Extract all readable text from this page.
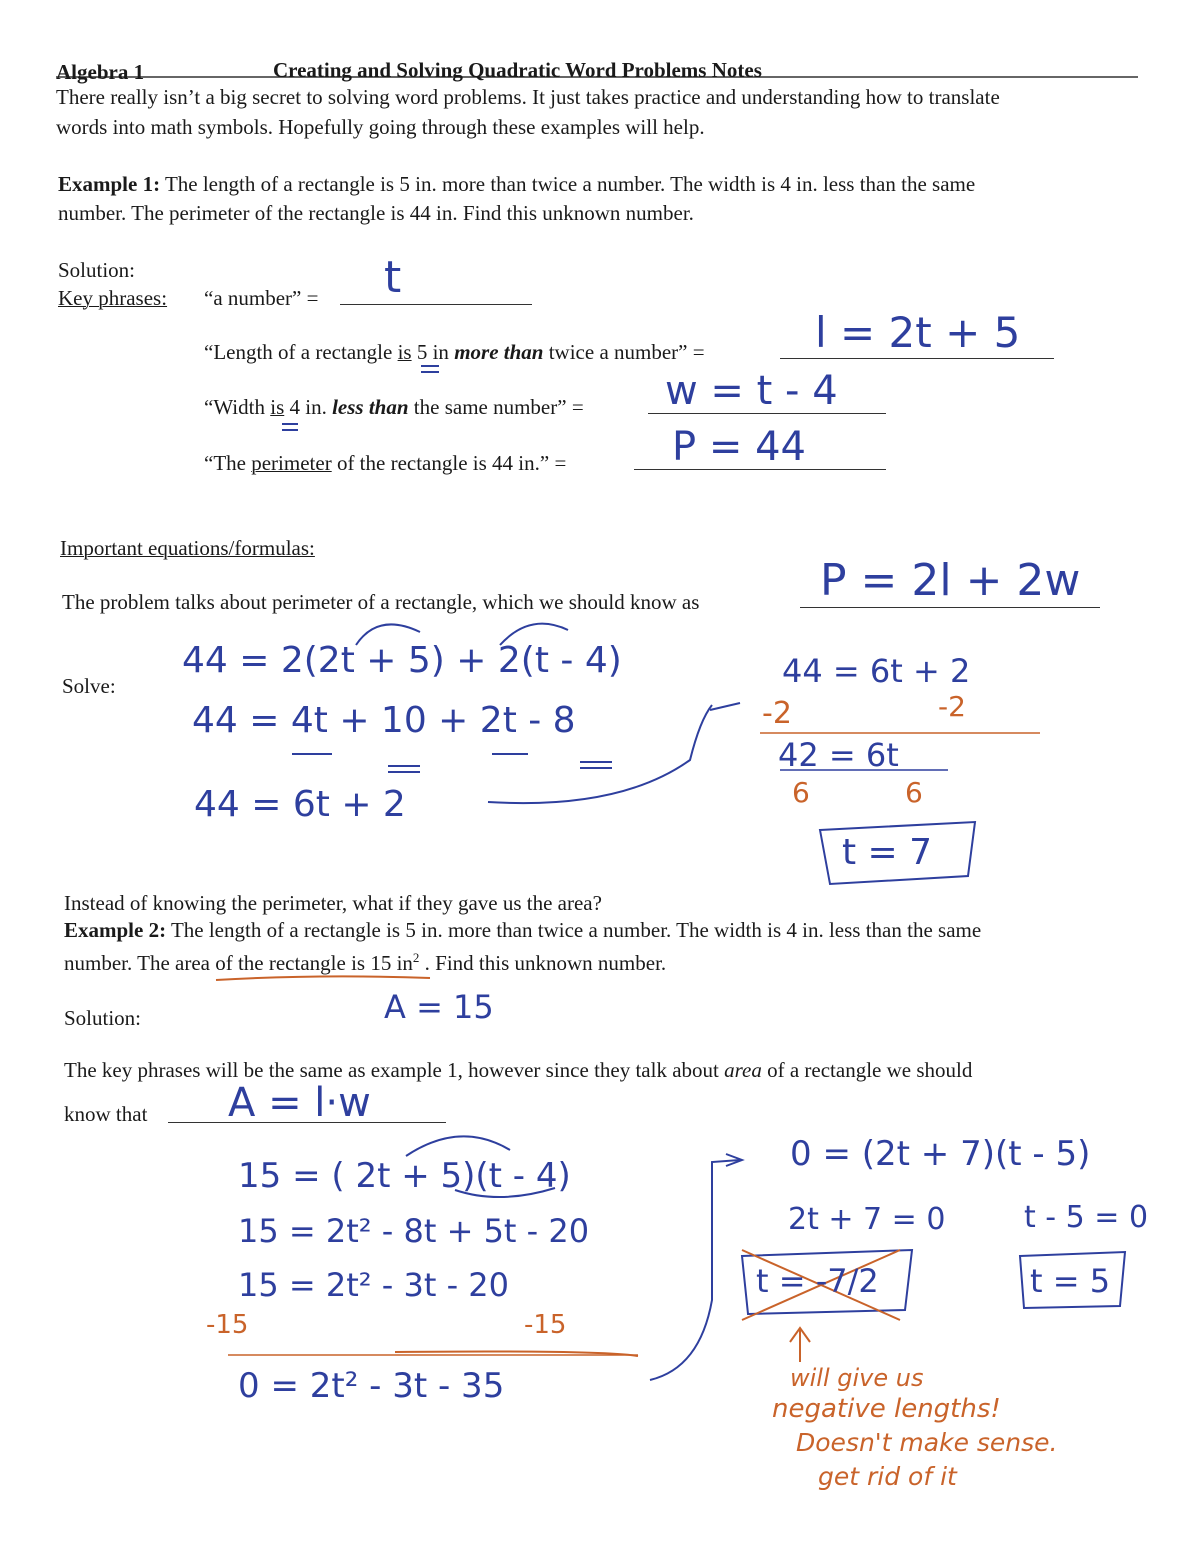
Algebra 1	Creating and Solving Quadratic Word Problems Notes
There really isn’t a big secret to solving word problems. It just takes practice and understanding how to translate
words into math symbols. Hopefully going through these examples will help.
Example 1: The length of a rectangle is 5 in. more than twice a number. The width is 4 in. less than the same
number. The perimeter of the rectangle is 44 in. Find this unknown number.
Solution:
Key phrases: “a number” = t
“Length of a rectangle is 5 in more than twice a number” =	l = 2t + 5
“Width is 4 in. less than the same number” = w = t - 4
“The perimeter of the rectangle is 44 in.” =	P = 44
Important equations/formulas:
The problem talks about perimeter of a rectangle, which we should know as	P = 2l + 2w
Solve:
44 = 2(2t + 5) + 2(t - 4)
44 = 4t + 10 + 2t - 8
44 = 6t + 2
44 = 6t + 2
-2	-2
42 = 6t
6	6
t = 7
Instead of knowing the perimeter, what if they gave us the area?
Example 2: The length of a rectangle is 5 in. more than twice a number. The width is 4 in. less than the same
number. The area of the rectangle is 15 $in^2$ . Find this unknown number.
Solution:	A = 15
The key phrases will be the same as example 1, however since they talk about area of a rectangle we should
know that A = l·w
15 = ( 2t + 5)(t - 4)
15 = 2t² - 8t + 5t - 20
15 = 2t² - 3t - 20
-15	-15
0 = 2t² - 3t - 35
0 = (2t + 7)(t - 5)
2t + 7 = 0	t - 5 = 0
t = -7/2	t = 5
will give us
negative lengths!
Doesn't make sense.
get rid of it
